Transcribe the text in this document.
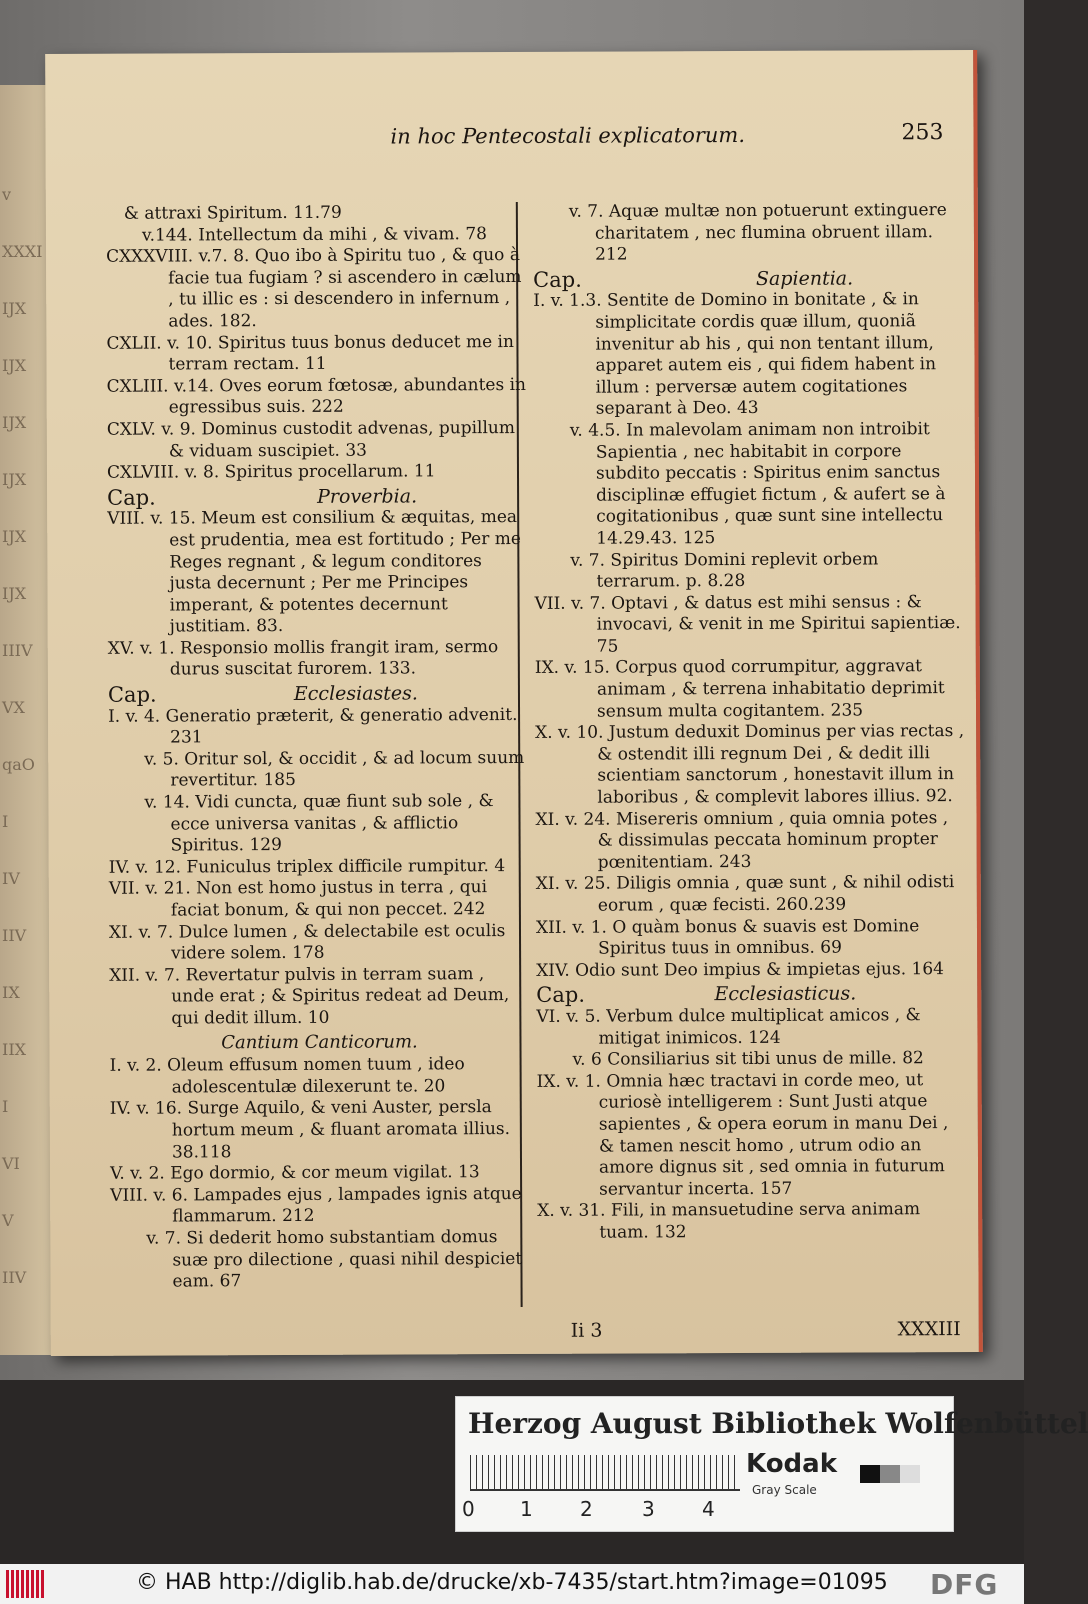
v
XXXI
IJX
IJX
IJX
IJX
IJX
IJX
IIIV
VX
qaO
I
IV
IIV
IX
IIX
I
VI
V
IIV
in hoc Pentecostali explicatorum.	253
& attraxi Spiritum. 11.79
v.144. Intellectum da mihi , & vivam. 78
CXXXVIII. v.7. 8. Quo ibo à Spiritu tuo , & quo à facie tua fugiam ? si ascendero in cælum , tu illic es : si descendero in infernum , ades. 182.
CXLII. v. 10. Spiritus tuus bonus deducet me in terram rectam. 11
CXLIII. v.14. Oves eorum fœtosæ, abundantes in egressibus suis. 222
CXLV. v. 9. Dominus custodit advenas, pupillum & viduam suscipiet. 33
CXLVIII. v. 8. Spiritus procellarum. 11
Cap.	Proverbia.
VIII. v. 15. Meum est consilium & æquitas, mea est prudentia, mea est fortitudo ; Per me Reges regnant , & legum conditores justa decernunt ; Per me Principes imperant, & potentes decernunt justitiam. 83.
XV. v. 1. Responsio mollis frangit iram, sermo durus suscitat furorem. 133.
Cap.	Ecclesiastes.
I. v. 4. Generatio præterit, & generatio advenit. 231
v. 5. Oritur sol, & occidit , & ad locum suum revertitur. 185
v. 14. Vidi cuncta, quæ fiunt sub sole , & ecce universa vanitas , & afflictio Spiritus. 129
IV. v. 12. Funiculus triplex difficile rumpitur. 4
VII. v. 21. Non est homo justus in terra , qui faciat bonum, & qui non peccet. 242
XI. v. 7. Dulce lumen , & delectabile est oculis videre solem. 178
XII. v. 7. Revertatur pulvis in terram suam , unde erat ; & Spiritus redeat ad Deum, qui dedit illum. 10
Cantium Canticorum.
I. v. 2. Oleum effusum nomen tuum , ideo adolescentulæ dilexerunt te. 20
IV. v. 16. Surge Aquilo, & veni Auster, persla hortum meum , & fluant aromata illius. 38.118
V. v. 2. Ego dormio, & cor meum vigilat. 13
VIII. v. 6. Lampades ejus , lampades ignis atque flammarum. 212
v. 7. Si dederit homo substantiam domus suæ pro dilectione , quasi nihil despiciet eam. 67
v. 7. Aquæ multæ non potuerunt extinguere charitatem , nec flumina obruent illam. 212
Cap.	Sapientia.
I. v. 1.3. Sentite de Domino in bonitate , & in simplicitate cordis quæ illum, quoniã invenitur ab his , qui non tentant illum, apparet autem eis , qui fidem habent in illum : perversæ autem cogitationes separant à Deo. 43
v. 4.5. In malevolam animam non introibit Sapientia , nec habitabit in corpore subdito peccatis : Spiritus enim sanctus disciplinæ effugiet fictum , & aufert se à cogitationibus , quæ sunt sine intellectu 14.29.43. 125
v. 7. Spiritus Domini replevit orbem terrarum. p. 8.28
VII. v. 7. Optavi , & datus est mihi sensus : & invocavi, & venit in me Spiritui sapientiæ. 75
IX. v. 15. Corpus quod corrumpitur, aggravat animam , & terrena inhabitatio deprimit sensum multa cogitantem. 235
X. v. 10. Justum deduxit Dominus per vias rectas , & ostendit illi regnum Dei , & dedit illi scientiam sanctorum , honestavit illum in laboribus , & complevit labores illius. 92.
XI. v. 24. Misereris omnium , quia omnia potes , & dissimulas peccata hominum propter pœnitentiam. 243
XI. v. 25. Diligis omnia , quæ sunt , & nihil odisti eorum , quæ fecisti. 260.239
XII. v. 1. O quàm bonus & suavis est Domine Spiritus tuus in omnibus. 69
XIV. Odio sunt Deo impius & impietas ejus. 164
Cap.	Ecclesiasticus.
VI. v. 5. Verbum dulce multiplicat amicos , & mitigat inimicos. 124
v. 6 Consiliarius sit tibi unus de mille. 82
IX. v. 1. Omnia hæc tractavi in corde meo, ut curiosè intelligerem : Sunt Justi atque sapientes , & opera eorum in manu Dei , & tamen nescit homo , utrum odio an amore dignus sit , sed omnia in futurum servantur incerta. 157
X. v. 31. Fili, in mansuetudine serva animam tuam. 132
Ii 3	XXXIII
Herzog August Bibliothek Wolfenbüttel
0 1 2 3 4
Kodak
Gray Scale
© HAB http://diglib.hab.de/drucke/xb-7435/start.htm?image=01095 DFG
